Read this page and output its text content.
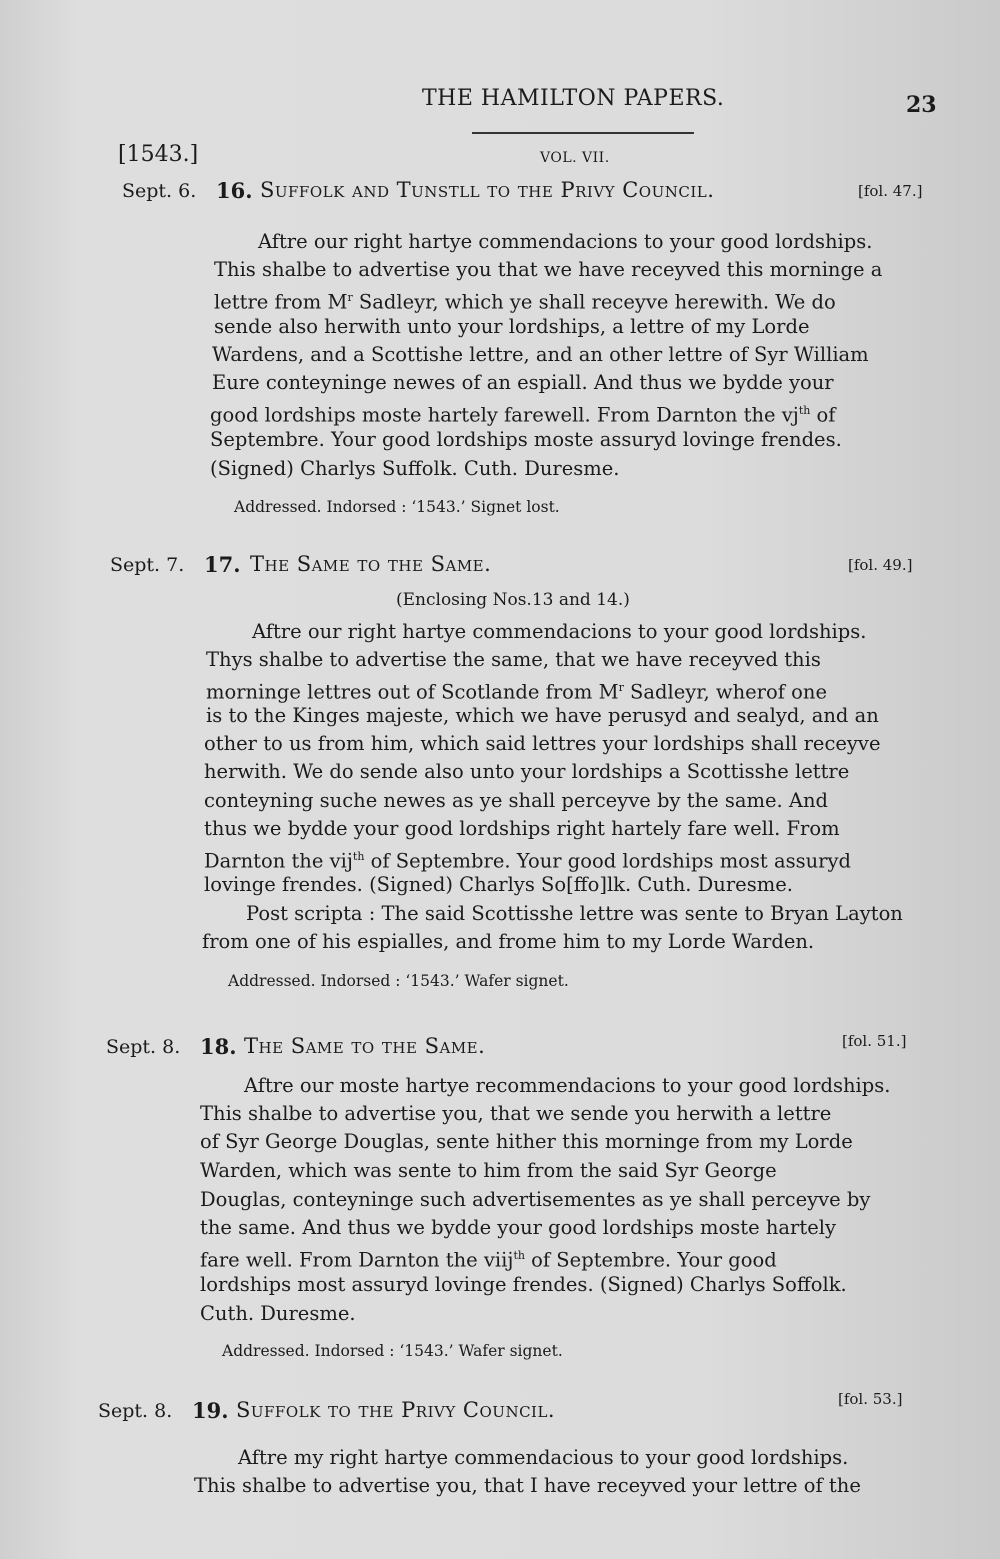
THE HAMILTON PAPERS.	23
[1543.]	VOL. VII.
Sept. 6. 16. Suffolk and Tunstll to the Privy Council.	[fol. 47.]
Aftre our right hartye commendacions to your good lordships.
This shalbe to advertise you that we have receyved this morninge a
lettre from $M^r$ Sadleyr, which ye shall receyve herewith. We do
sende also herwith unto your lordships, a lettre of my Lorde
Wardens, and a Scottishe lettre, and an other lettre of Syr William
Eure conteyninge newes of an espiall. And thus we bydde your
good lordships moste hartely farewell. From Darnton the $vj^{th}$ of
Septembre. Your good lordships moste assuryd lovinge frendes.
(Signed) Charlys Suffolk. Cuth. Duresme.
Addressed. Indorsed : ‘1543.’ Signet lost.
Sept. 7. 17. The Same to the Same.	[fol. 49.]
(Enclosing Nos.13 and 14.)
Aftre our right hartye commendacions to your good lordships.
Thys shalbe to advertise the same, that we have receyved this
morninge lettres out of Scotlande from $M^r$ Sadleyr, wherof one
is to the Kinges majeste, which we have perusyd and sealyd, and an
other to us from him, which said lettres your lordships shall receyve
herwith. We do sende also unto your lordships a Scottisshe lettre
conteyning suche newes as ye shall perceyve by the same. And
thus we bydde your good lordships right hartely fare well. From
Darnton the vij$^{th}$ of Septembre. Your good lordships most assuryd
lovinge frendes. (Signed) Charlys So[ffo]lk. Cuth. Duresme.
Post scripta : The said Scottisshe lettre was sente to Bryan Layton
from one of his espialles, and frome him to my Lorde Warden.
Addressed. Indorsed : ‘1543.’ Wafer signet.
Sept. 8. 18. The Same to the Same.	[fol. 51.]
Aftre our moste hartye recommendacions to your good lordships.
This shalbe to advertise you, that we sende you herwith a lettre
of Syr George Douglas, sente hither this morninge from my Lorde
Warden, which was sente to him from the said Syr George
Douglas, conteyninge such advertisementes as ye shall perceyve by
the same. And thus we bydde your good lordships moste hartely
fare well. From Darnton the viij$^{th}$ of Septembre. Your good
lordships most assuryd lovinge frendes. (Signed) Charlys Soffolk.
Cuth. Duresme.
Addressed. Indorsed : ‘1543.’ Wafer signet.
Sept. 8. 19. Suffolk to the Privy Council.	[fol. 53.]
Aftre my right hartye commendacious to your good lordships.
This shalbe to advertise you, that I have receyved your lettre of the
